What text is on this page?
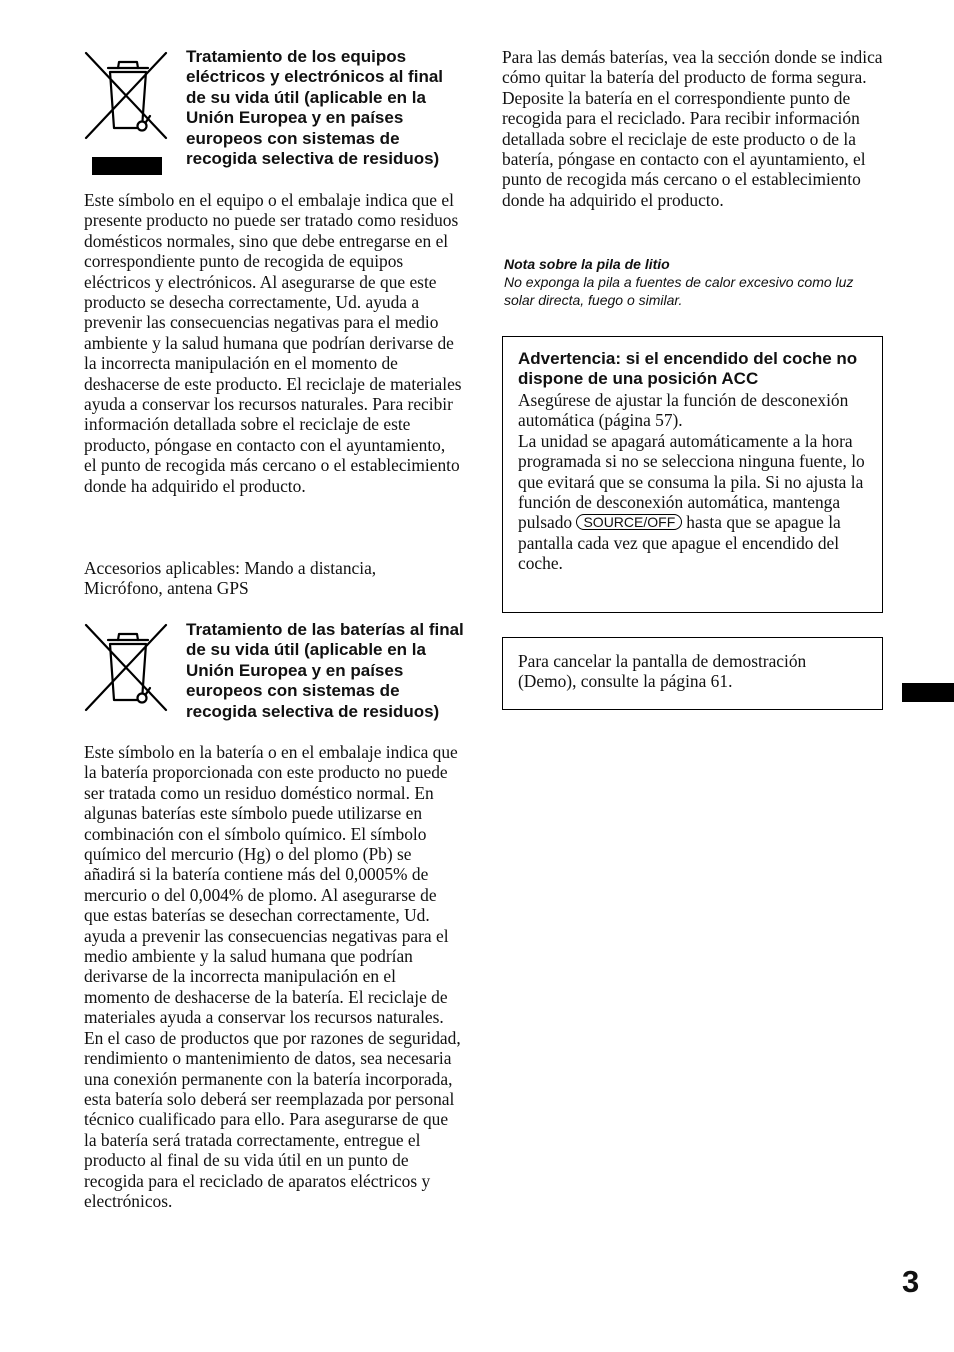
Tratamiento de los equipos eléctricos y electrónicos al final de su vida útil (aplicable en la Unión Europea y en países europeos con sistemas de recogida selectiva de residuos)

Este símbolo en el equipo o el embalaje indica que el presente producto no puede ser tratado como residuos domésticos normales, sino que debe entregarse en el correspondiente punto de recogida de equipos eléctricos y electrónicos. Al asegurarse de que este producto se desecha correctamente, Ud. ayuda a prevenir las consecuencias negativas para el medio ambiente y la salud humana que podrían derivarse de la incorrecta manipulación en el momento de deshacerse de este producto. El reciclaje de materiales ayuda a conservar los recursos naturales. Para recibir información detallada sobre el reciclaje de este producto, póngase en contacto con el ayuntamiento, el punto de recogida más cercano o el establecimiento donde ha adquirido el producto.

Accesorios aplicables: Mando a distancia, Micrófono, antena GPS

Tratamiento de las baterías al final de su vida útil (aplicable en la Unión Europea y en países europeos con sistemas de recogida selectiva de residuos)

Este símbolo en la batería o en el embalaje indica que la batería proporcionada con este producto no puede ser tratada como un residuo doméstico normal. En algunas baterías este símbolo puede utilizarse en combinación con el símbolo químico. El símbolo químico del mercurio (Hg) o del plomo (Pb) se añadirá si la batería contiene más del 0,0005% de mercurio o del 0,004% de plomo. Al asegurarse de que estas baterías se desechan correctamente, Ud. ayuda a prevenir las consecuencias negativas para el medio ambiente y la salud humana que podrían derivarse de la incorrecta manipulación en el momento de deshacerse de la batería. El reciclaje de materiales ayuda a conservar los recursos naturales. En el caso de productos que por razones de seguridad, rendimiento o mantenimiento de datos, sea necesaria una conexión permanente con la batería incorporada, esta batería solo deberá ser reemplazada por personal técnico cualificado para ello. Para asegurarse de que la batería será tratada correctamente, entregue el producto al final de su vida útil en un punto de recogida para el reciclado de aparatos eléctricos y electrónicos.

Para las demás baterías, vea la sección donde se indica cómo quitar la batería del producto de forma segura. Deposite la batería en el correspondiente punto de recogida para el reciclado. Para recibir información detallada sobre el reciclaje de este producto o de la batería, póngase en contacto con el ayuntamiento, el punto de recogida más cercano o el establecimiento donde ha adquirido el producto.

Nota sobre la pila de litio
No exponga la pila a fuentes de calor excesivo como luz solar directa, fuego o similar.
Advertencia: si el encendido del coche no dispone de una posición ACC

Asegúrese de ajustar la función de desconexión automática (página 57).

La unidad se apagará automáticamente a la hora programada si no se selecciona ninguna fuente, lo que evitará que se consuma la pila. Si no ajusta la función de desconexión automática, mantenga pulsado SOURCE/OFF hasta que se apague la pantalla cada vez que apague el encendido del coche.

Para cancelar la pantalla de demostración (Demo), consulte la página 61.

3
